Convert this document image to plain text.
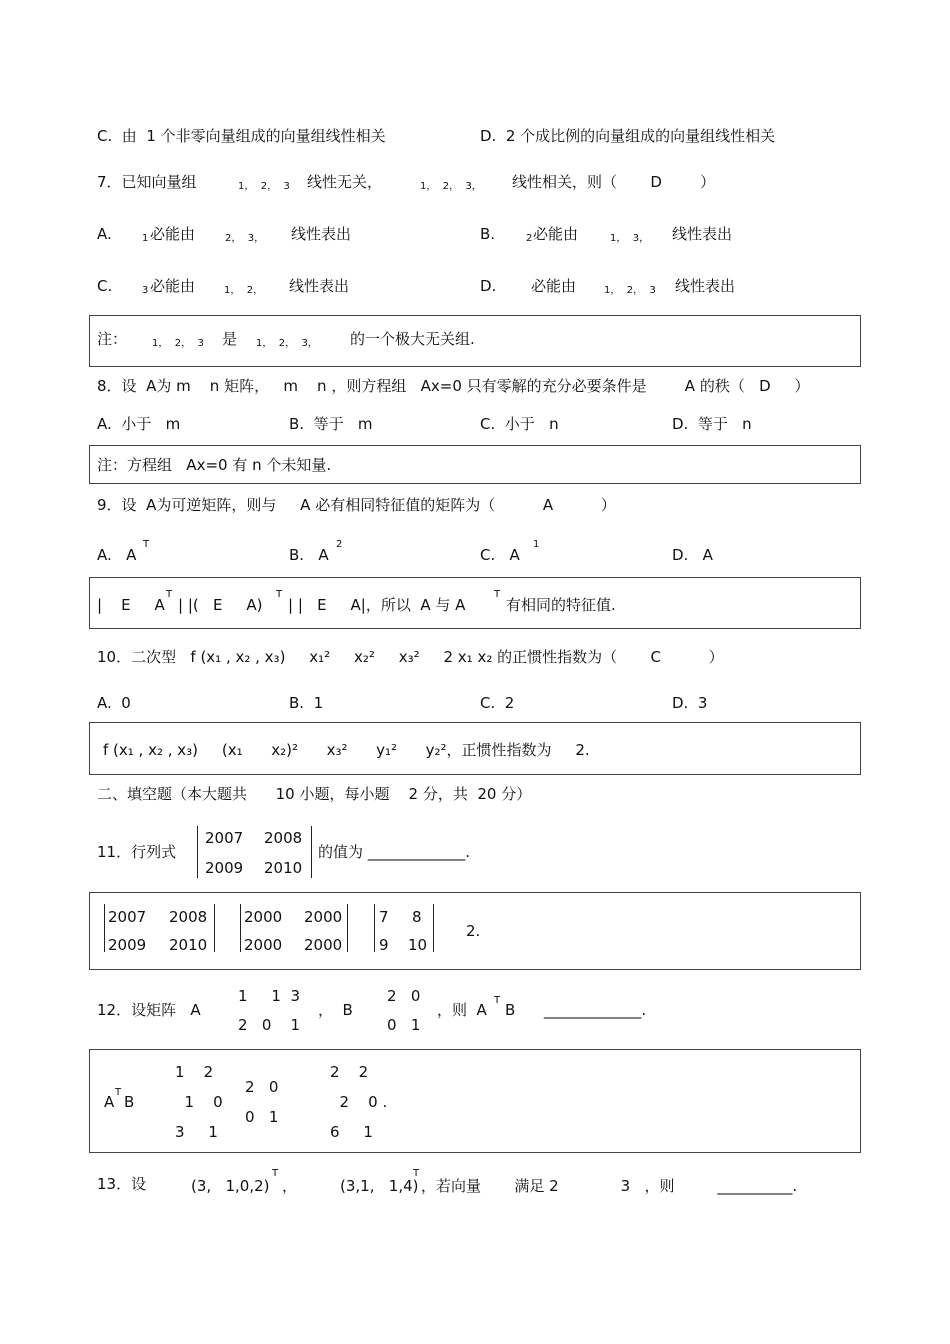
C.  由  1 个非零向量组成的向量组线性相关	D.  2 个成比例的向量组成的向量组线性相关
7．已知向量组	1，  2，  3 线性无关，	1，  2，  3， 线性相关，则（       D        ）
A.	1 必能由	2，  3， 线性表出	B.	2 必能由	1，  3， 线性表出
C.	3 必能由	1，  2， 线性表出	D. 必能由	1，  2，  3 线性表出
注： 1，  2，  3 是 1，  2，  3， 的一个极大无关组.
8．设  A为 m    n 矩阵，   m    n ，则方程组   Ax=0 只有零解的充分必要条件是        A 的秩（   D     ）
A.  小于   m	B.  等于   m	C.  小于   n	D.  等于   n
注：方程组   Ax=0 有 n 个未知量.
9．设  A为可逆矩阵，则与     A 必有相同特征值的矩阵为（          A          ）
A.   A
T
B.   A
2
C.   A
1
D.   A
|    E     A
T
| |(   E     A)
T
| |   E     A|，所以  A 与 A
T
有相同的特征值.
10．二次型   f (x₁ , x₂ , x₃)     x₁²     x₂²     x₃²     2 x₁ x₂ 的正惯性指数为（       C          ）
A.  0	B.  1	C.  2	D.  3
f (x₁ , x₂ , x₃)     (x₁      x₂)²      x₃²      y₁²      y₂²，正惯性指数为     2.
二、填空题（本大题共      10 小题，每小题    2 分，共  20 分）
11．行列式
2007 2008
2009 2010
的值为 _____________.
2007 2008
2009 2010
2000 2000
2000 2000
7 8
9 10
2.
12．设矩阵   A
1     1  3
2   0    1
，  B
2   0
0   1
，则  A
T
B      _____________.
A
T
B
1    2
1    0
3     1
2   0
0   1
2    2
2    0 .
6     1
13．设	(3,   1,0,2)
T
，	(3,1,   1,4)
T
，若向量       满足 2             3   ，则         __________.
